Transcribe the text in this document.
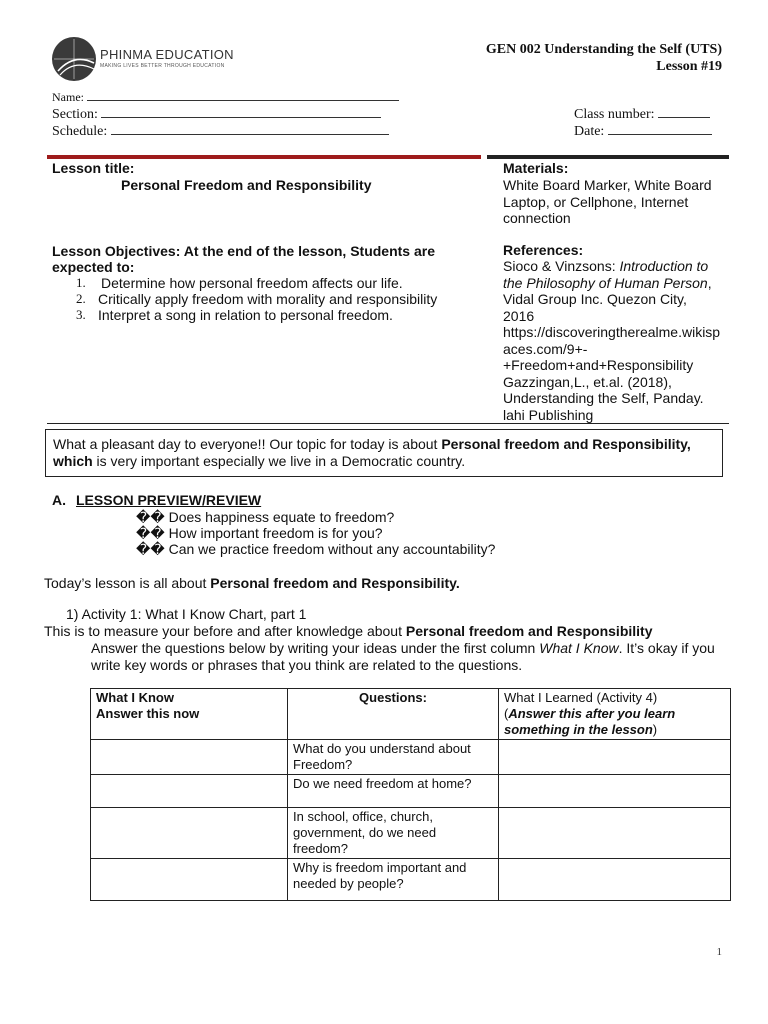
PHINMA EDUCATION
MAKING LIVES BETTER THROUGH EDUCATION
GEN 002 Understanding the Self (UTS)
Lesson #19
Name:
Section:
Schedule:
Class number:
Date:
Lesson title:
Personal Freedom and Responsibility
Lesson Objectives: At the end of the lesson, Students are expected to:
1. Determine how personal freedom affects our life.
2. Critically apply freedom with morality and responsibility
3. Interpret a song in relation to personal freedom.
Materials:
White Board Marker, White Board
Laptop, or Cellphone, Internet
connection
References:
Sioco & Vinzsons: Introduction to
the Philosophy of Human Person,
Vidal Group Inc. Quezon City,
2016
https://discoveringtherealme.wikisp
aces.com/9+-
+Freedom+and+Responsibility
Gazzingan,L., et.al. (2018),
Understanding the Self, Panday.
lahi Publishing
What a pleasant day to everyone!! Our topic for today is about Personal freedom and Responsibility,
which is very important especially we live in a Democratic country.
A. LESSON PREVIEW/REVIEW
�� Does happiness equate to freedom?
�� How important freedom is for you?
�� Can we practice freedom without any accountability?
Today’s lesson is all about Personal freedom and Responsibility.
1) Activity 1: What I Know Chart, part 1
This is to measure your before and after knowledge about Personal freedom and Responsibility
Answer the questions below by writing your ideas under the first column What I Know. It’s okay if you
write key words or phrases that you think are related to the questions.
What I Know
Answer this now	Questions:	What I Learned (Activity 4)
(Answer this after you learn
something in the lesson)
	What do you understand about Freedom?	
	Do we need freedom at home?	
	In school, office, church, government, do we need freedom?	
	Why is freedom important and needed by people?	
1
